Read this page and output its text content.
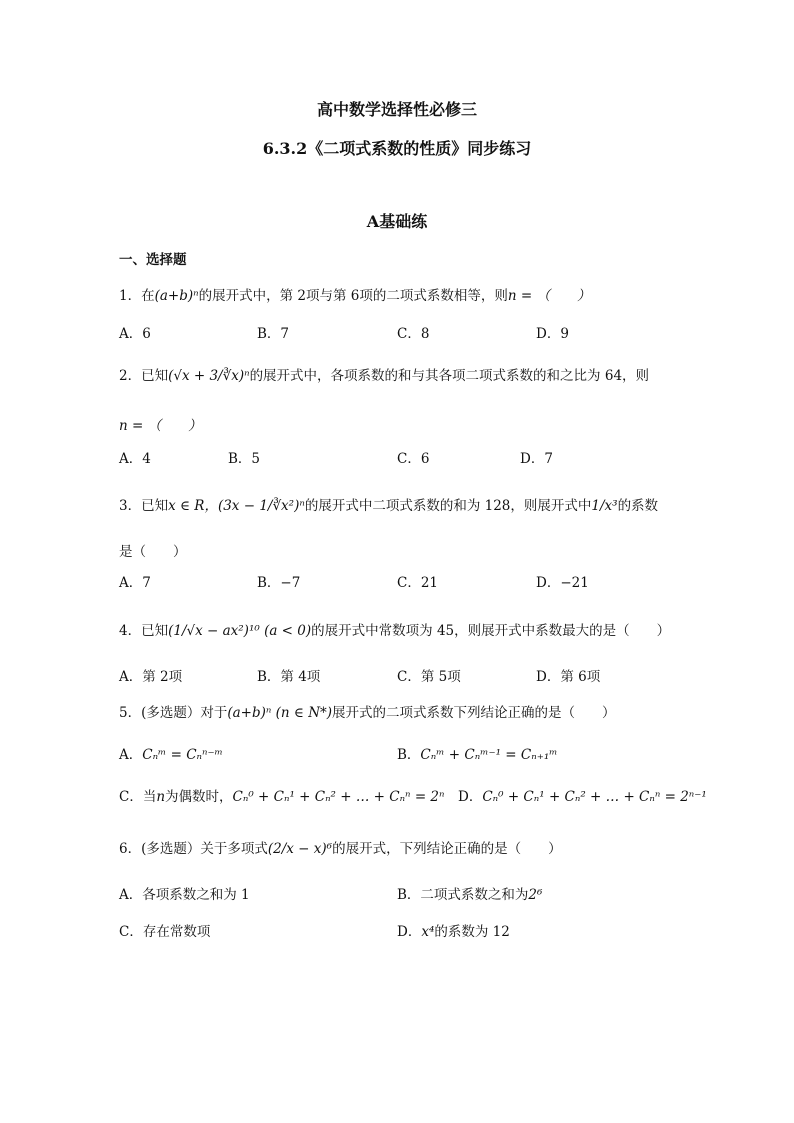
高中数学选择性必修三
6.3.2《二项式系数的性质》同步练习
A基础练
一、选择题
1．在(a+b)ⁿ的展开式中，第 2项与第 6项的二项式系数相等，则n = （　　）
A．6	B．7	C．8	D．9
2．已知(√x + 3/∛x)ⁿ的展开式中，各项系数的和与其各项二项式系数的和之比为 64，则
n = （　　）
A．4	B．5	C．6	D．7
3．已知x ∈ R，(3x − 1/∛x²)ⁿ的展开式中二项式系数的和为 128，则展开式中1/x³的系数
是（　　）
A．7	B．−7	C．21	D．−21
4．已知(1/√x − ax²)¹⁰ (a < 0)的展开式中常数项为 45，则展开式中系数最大的是（　　）
A．第 2项	B．第 4项	C．第 5项	D．第 6项
5．(多选题）对于(a+b)ⁿ (n ∈ N*)展开式的二项式系数下列结论正确的是（　　）
A．Cₙᵐ = Cₙⁿ⁻ᵐ	B．Cₙᵐ + Cₙᵐ⁻¹ = Cₙ₊₁ᵐ
C．当n为偶数时，Cₙ⁰ + Cₙ¹ + Cₙ² + … + Cₙⁿ = 2ⁿ　 D．Cₙ⁰ + Cₙ¹ + Cₙ² + … + Cₙⁿ = 2ⁿ⁻¹
6．(多选题）关于多项式(2/x − x)⁶的展开式，下列结论正确的是（　　）
A．各项系数之和为 1	B．二项式系数之和为2⁶
C．存在常数项	D．x⁴的系数为 12
